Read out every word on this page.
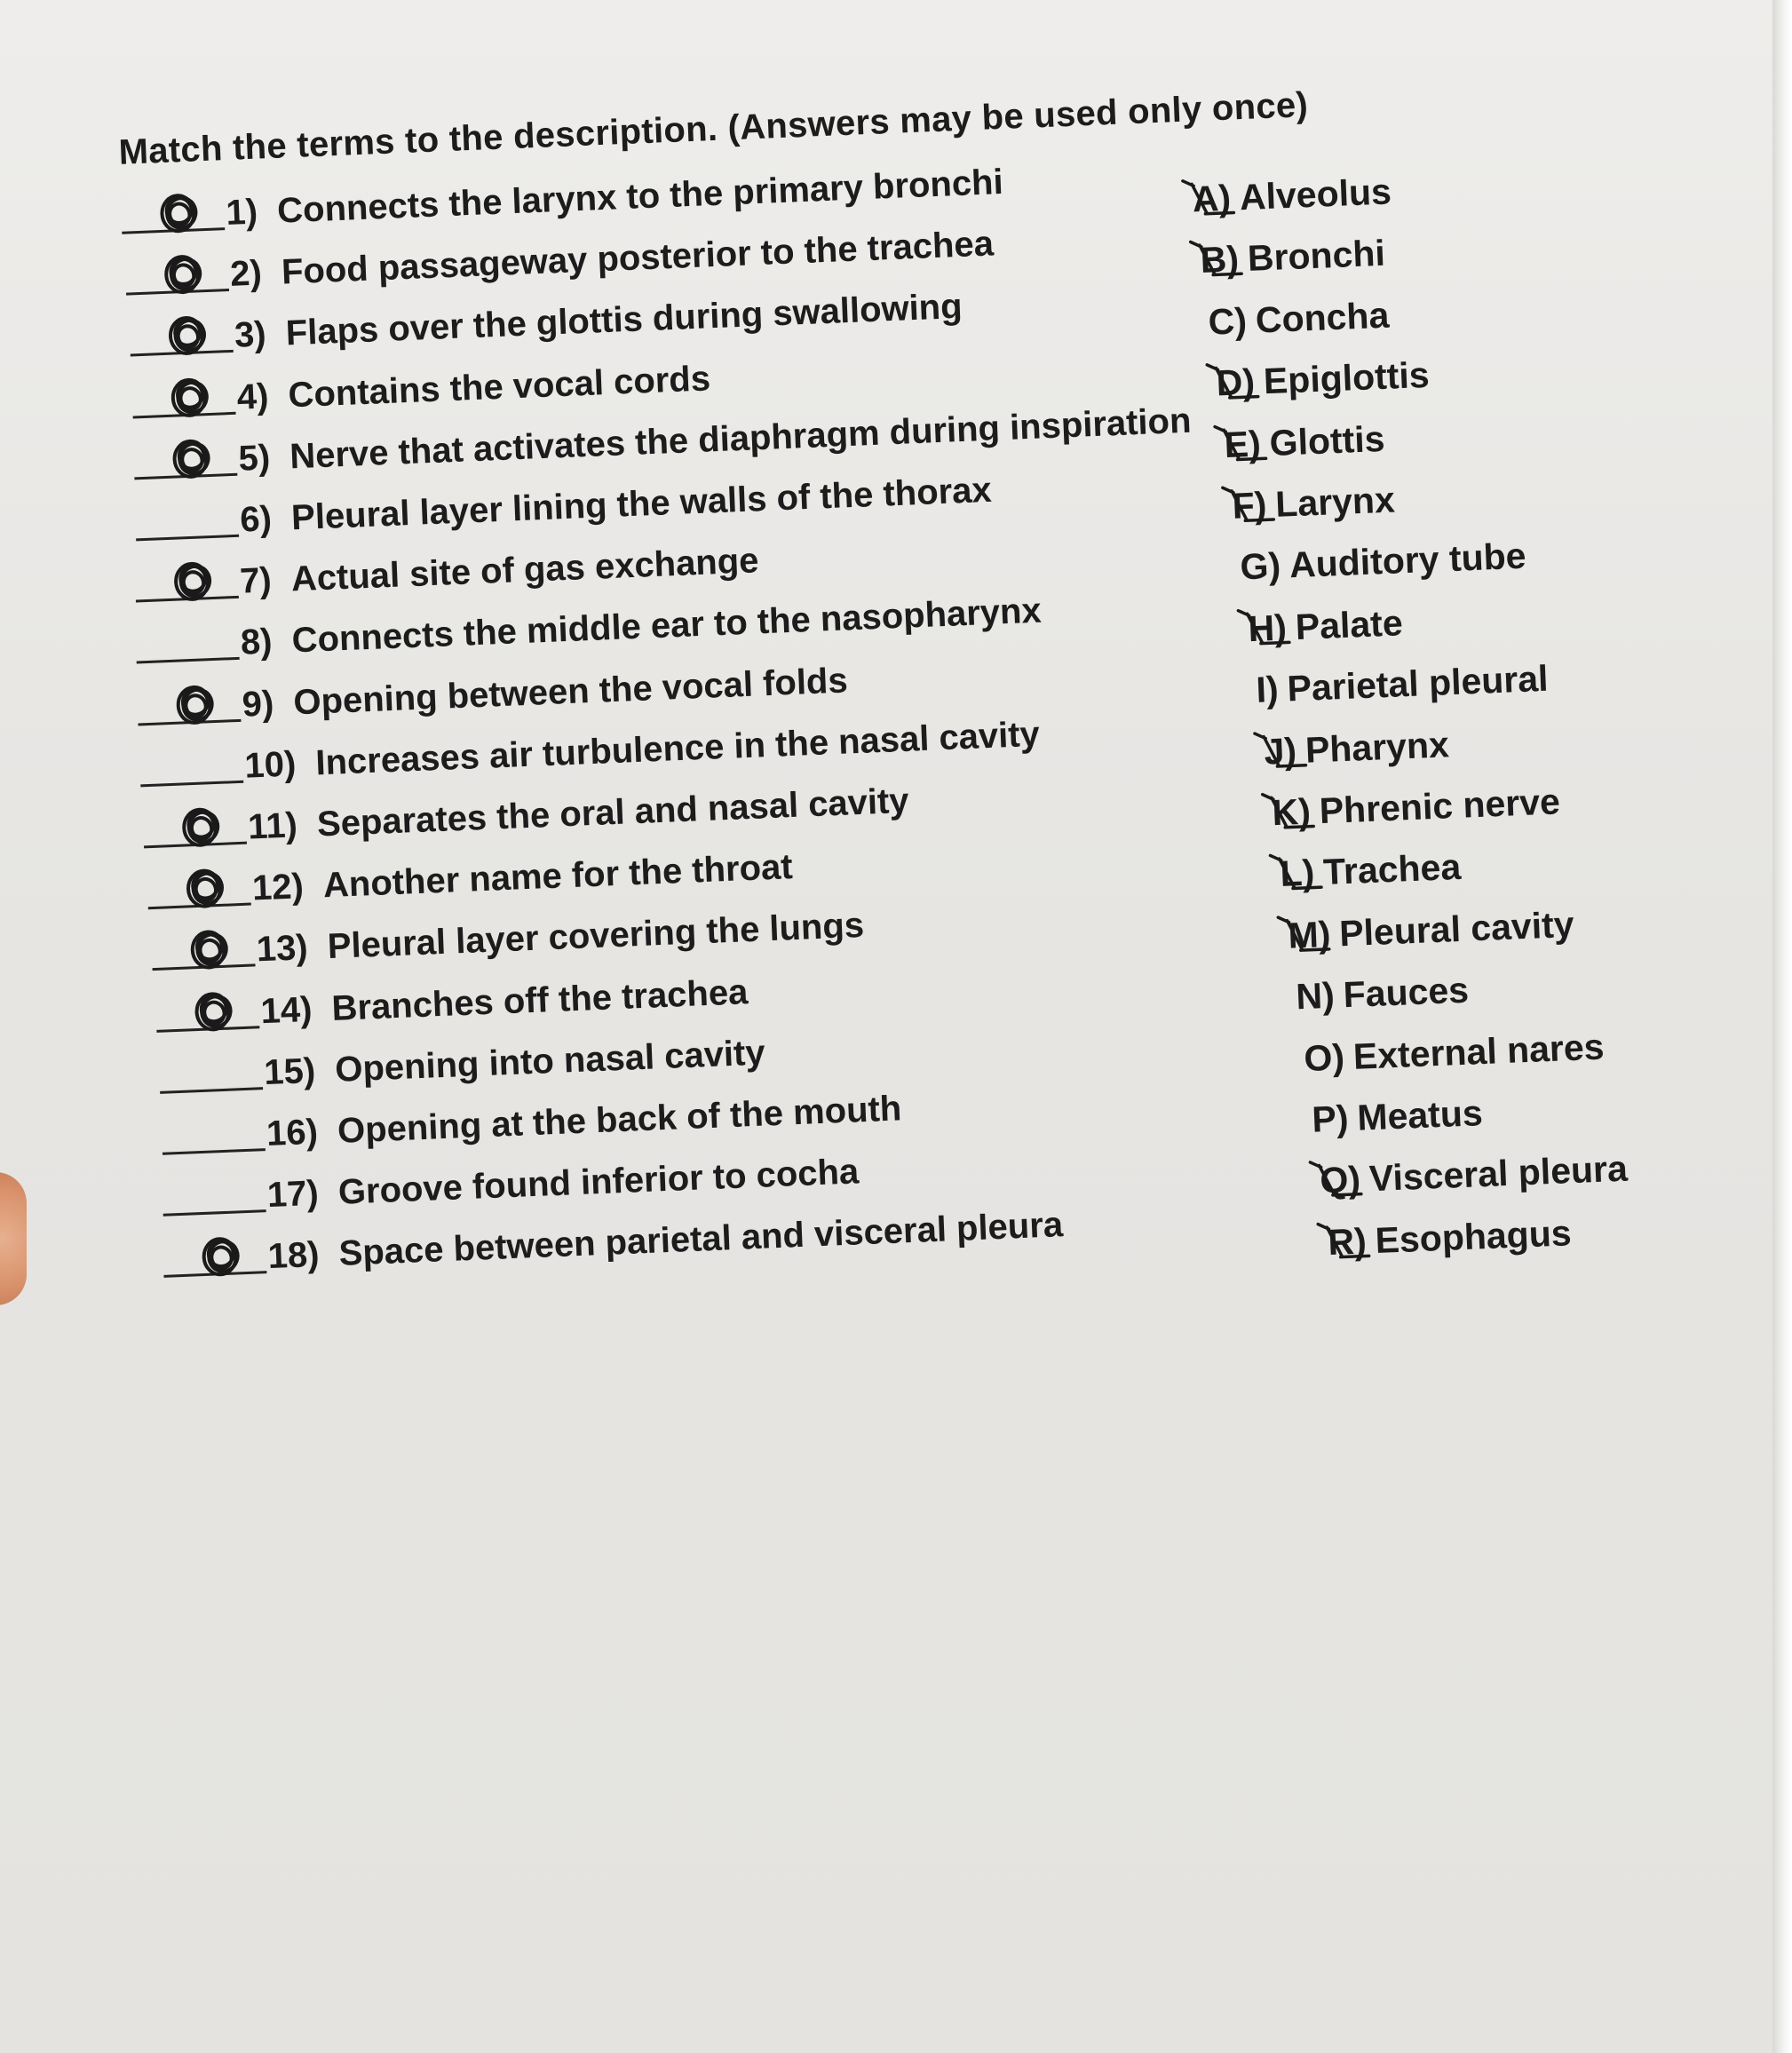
Match the terms to the description. (Answers may be used only once)
1) Connects the larynx to the primary bronchi
2) Food passageway posterior to the trachea
3) Flaps over the glottis during swallowing
4) Contains the vocal cords
5) Nerve that activates the diaphragm during inspiration
6) Pleural layer lining the walls of the thorax
7) Actual site of gas exchange
8) Connects the middle ear to the nasopharynx
9) Opening between the vocal folds
10) Increases air turbulence in the nasal cavity
11) Separates the oral and nasal cavity
12) Another name for the throat
13) Pleural layer covering the lungs
14) Branches off the trachea
15) Opening into nasal cavity
16) Opening at the back of the mouth
17) Groove found inferior to cocha
18) Space between parietal and visceral pleura
A) Alveolus
B) Bronchi
C) Concha
D) Epiglottis
E) Glottis
F) Larynx
G) Auditory tube
H) Palate
I) Parietal pleural
J) Pharynx
K) Phrenic nerve
L) Trachea
M) Pleural cavity
N) Fauces
O) External nares
P) Meatus
Q) Visceral pleura
R) Esophagus
